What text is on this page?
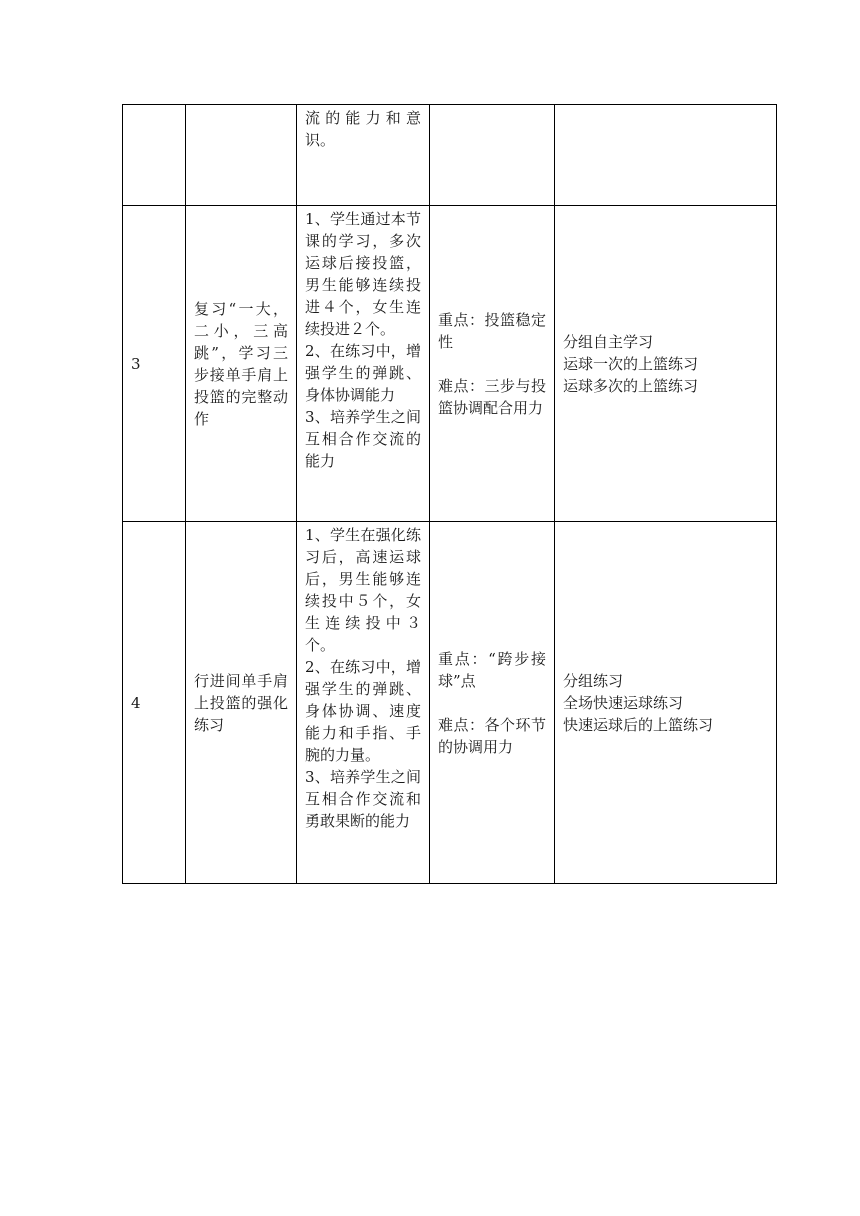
		流的能力和意识。		
3	复习“一大，二小，三高跳”，学习三步接单手肩上投篮的完整动作	1、学生通过本节课的学习，多次运球后接投篮，男生能够连续投进４个，女生连续投进２个。
2、在练习中，增强学生的弹跳、身体协调能力
3、培养学生之间互相合作交流的能力	重点：投篮稳定性
难点：三步与投篮协调配合用力	分组自主学习
运球一次的上篮练习
运球多次的上篮练习

4	行进间单手肩上投篮的强化练习	1、学生在强化练习后，高速运球后，男生能够连续投中５个，女生连续投中３个。
2、在练习中，增强学生的弹跳、身体协调、速度能力和手指、手腕的力量。
3、培养学生之间互相合作交流和勇敢果断的能力	重点：“跨步接球”点
难点：各个环节的协调用力	分组练习
全场快速运球练习
快速运球后的上篮练习
